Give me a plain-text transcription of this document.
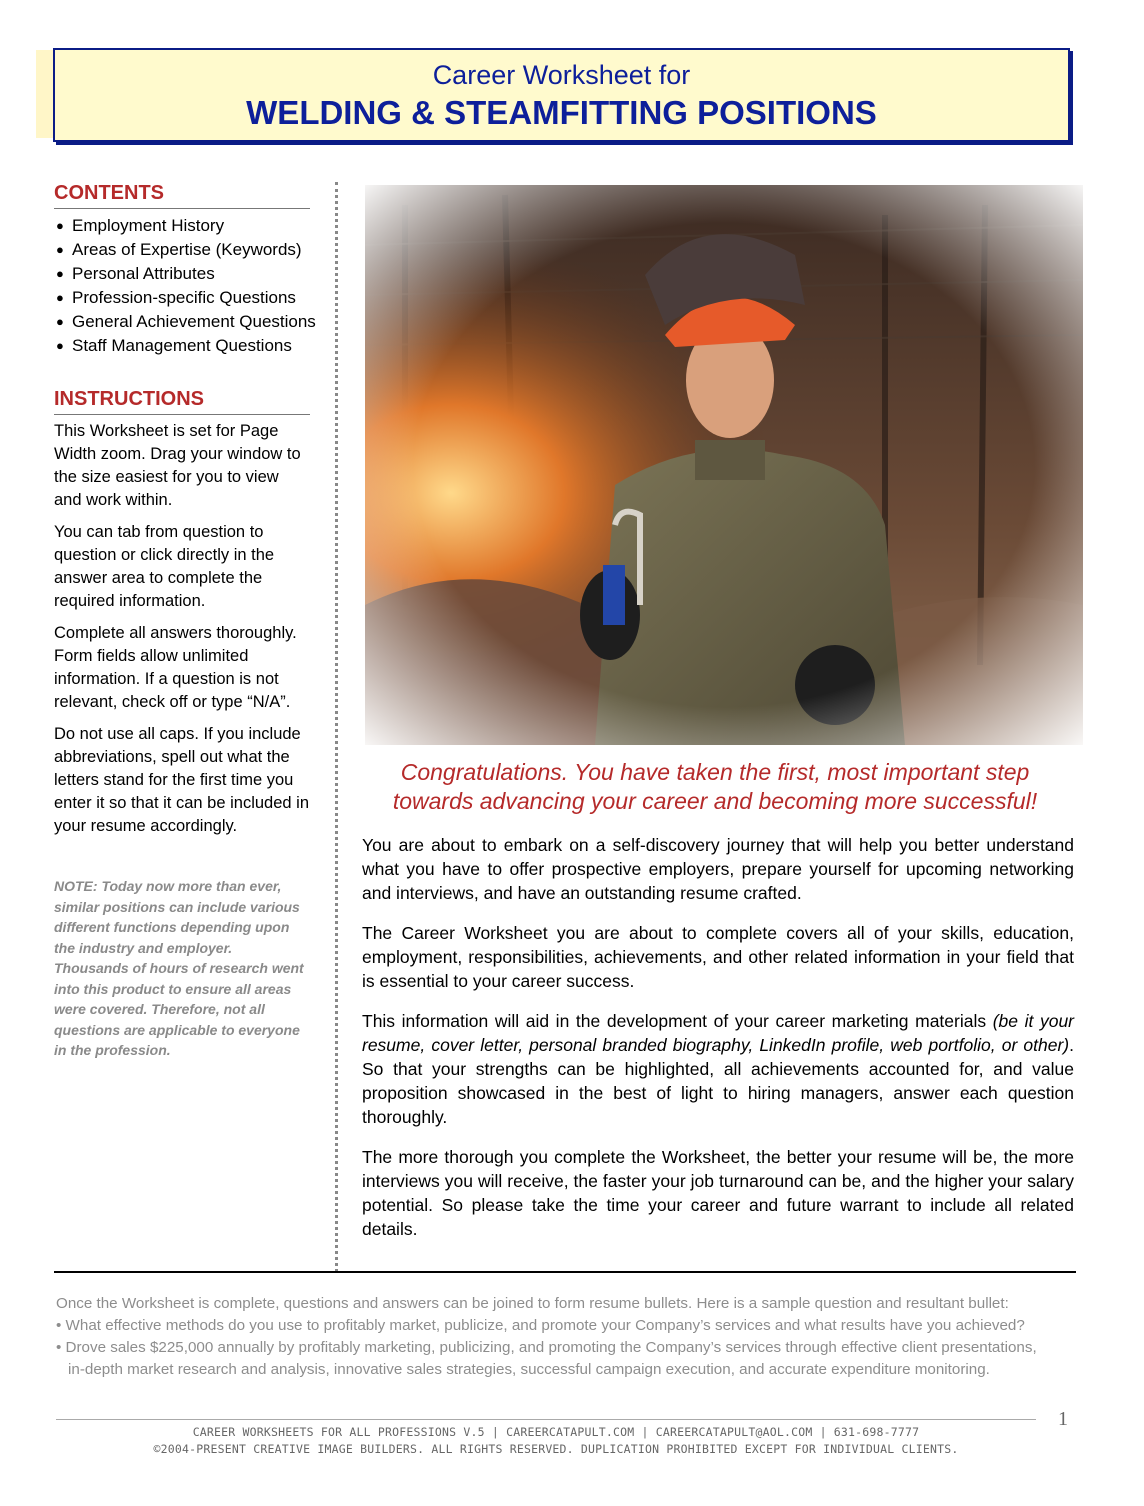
Career Worksheet for
WELDING & STEAMFITTING POSITIONS
CONTENTS
● Employment History
● Areas of Expertise (Keywords)
● Personal Attributes
● Profession-specific Questions
● General Achievement Questions
● Staff Management Questions
INSTRUCTIONS

This Worksheet is set for Page Width zoom. Drag your window to the size easiest for you to view and work within.

You can tab from question to question or click directly in the answer area to complete the required information.

Complete all answers thoroughly. Form fields allow unlimited information. If a question is not relevant, check off or type “N/A”.

Do not use all caps. If you include abbreviations, spell out what the letters stand for the first time you enter it so that it can be included in your resume accordingly.

NOTE: Today now more than ever, similar positions can include various different functions depending upon the industry and employer. Thousands of hours of research went into this product to ensure all areas were covered. Therefore, not all questions are applicable to everyone in the profession.
Congratulations. You have taken the first, most important step
towards advancing your career and becoming more successful!

You are about to embark on a self-discovery journey that will help you better understand what you have to offer prospective employers, prepare yourself for upcoming networking and interviews, and have an outstanding resume crafted.

The Career Worksheet you are about to complete covers all of your skills, education, employment, responsibilities, achievements, and other related information in your field that is essential to your career success.

This information will aid in the development of your career marketing materials (be it your resume, cover letter, personal branded biography, LinkedIn profile, web portfolio, or other). So that your strengths can be highlighted, all achievements accounted for, and value proposition showcased in the best of light to hiring managers, answer each question thoroughly.

The more thorough you complete the Worksheet, the better your resume will be, the more interviews you will receive, the faster your job turnaround can be, and the higher your salary potential. So please take the time your career and future warrant to include all related details.

Once the Worksheet is complete, questions and answers can be joined to form resume bullets. Here is a sample question and resultant bullet:
• What effective methods do you use to profitably market, publicize, and promote your Company’s services and what results have you achieved?
• Drove sales $225,000 annually by profitably marketing, publicizing, and promoting the Company’s services through effective client presentations,
in-depth market research and analysis, innovative sales strategies, successful campaign execution, and accurate expenditure monitoring.
CAREER WORKSHEETS FOR ALL PROFESSIONS V.5 | CAREERCATAPULT.COM | CAREERCATAPULT@AOL.COM | 631-698-7777
©2004-PRESENT CREATIVE IMAGE BUILDERS. ALL RIGHTS RESERVED. DUPLICATION PROHIBITED EXCEPT FOR INDIVIDUAL CLIENTS.
1
